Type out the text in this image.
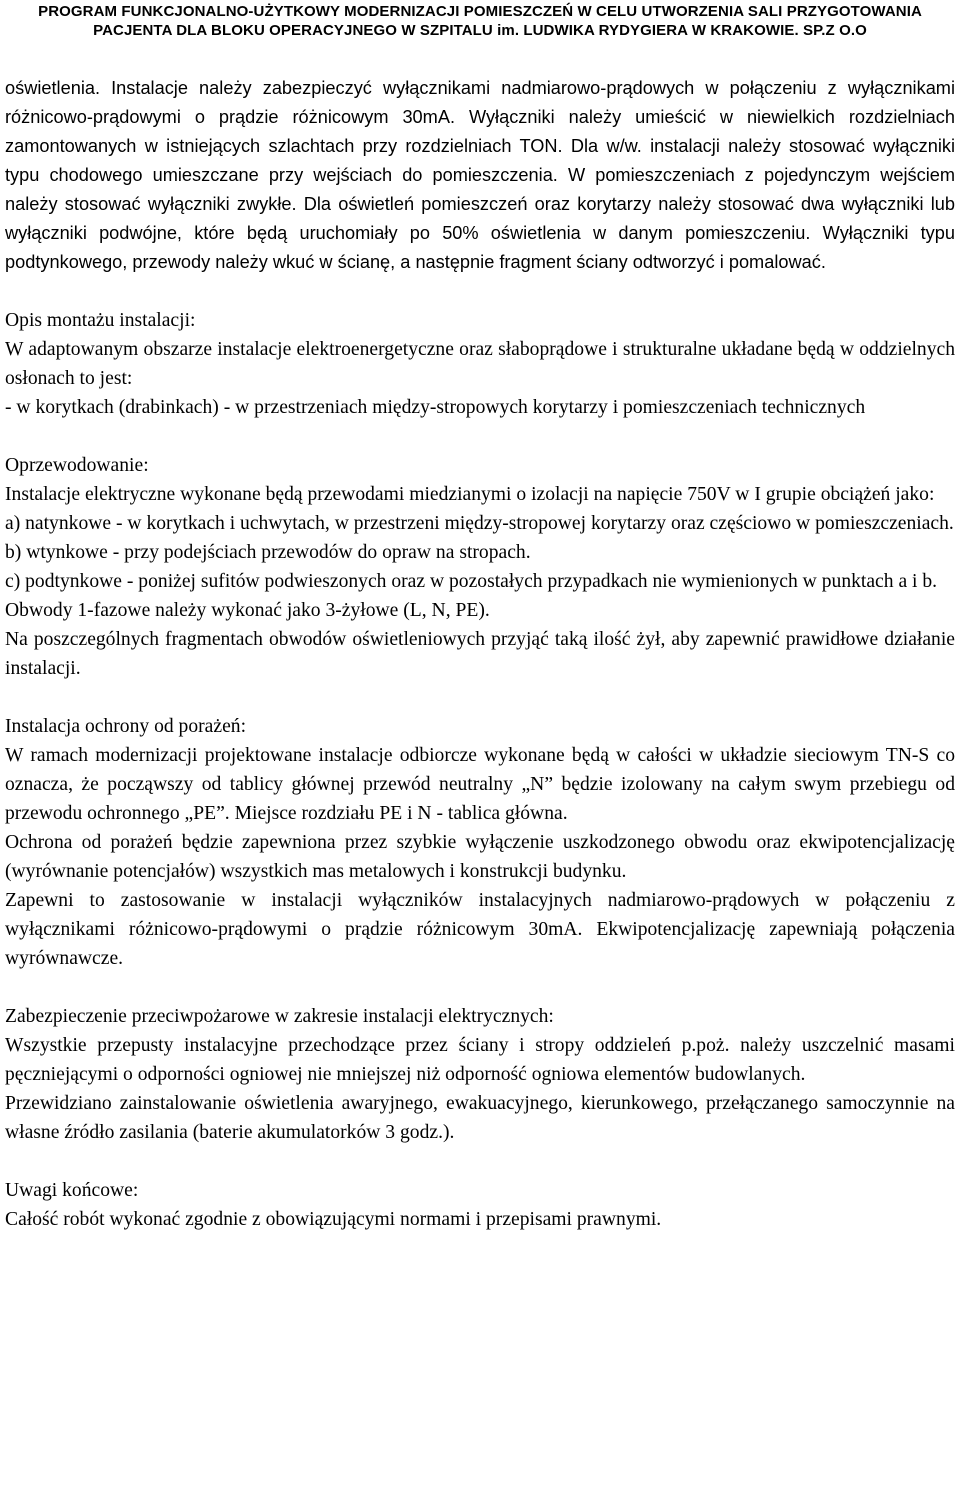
PROGRAM FUNKCJONALNO-UŻYTKOWY MODERNIZACJI POMIESZCZEŃ W CELU UTWORZENIA SALI PRZYGOTOWANIA
PACJENTA DLA BLOKU OPERACYJNEGO W SZPITALU im. LUDWIKA RYDYGIERA W KRAKOWIE. SP.Z O.O

oświetlenia. Instalacje należy zabezpieczyć wyłącznikami nadmiarowo-prądowych w połączeniu z wyłącznikami różnicowo-prądowymi o prądzie różnicowym 30mA. Wyłączniki należy umieścić w niewielkich rozdzielniach zamontowanych w istniejących szlachtach przy rozdzielniach TON. Dla w/w. instalacji należy stosować wyłączniki typu chodowego umieszczane przy wejściach do pomieszczenia. W pomieszczeniach z pojedynczym wejściem należy stosować wyłączniki zwykłe. Dla oświetleń pomieszczeń oraz korytarzy należy stosować dwa wyłączniki lub wyłączniki podwójne, które będą uruchomiały po 50% oświetlenia w danym pomieszczeniu. Wyłączniki typu podtynkowego, przewody należy wkuć w ścianę, a następnie fragment ściany odtworzyć i pomalować.

Opis montażu instalacji:

W adaptowanym obszarze instalacje elektroenergetyczne oraz słaboprądowe i strukturalne układane będą w oddzielnych osłonach to jest:

- w korytkach (drabinkach) - w przestrzeniach między-stropowych korytarzy i pomieszczeniach technicznych

Oprzewodowanie:

Instalacje elektryczne wykonane będą przewodami miedzianymi o izolacji na napięcie 750V w I grupie obciążeń jako:

a) natynkowe - w korytkach i uchwytach, w przestrzeni między-stropowej korytarzy oraz częściowo w pomieszczeniach.

b) wtynkowe - przy podejściach przewodów do opraw na stropach.

c) podtynkowe - poniżej sufitów podwieszonych oraz w pozostałych przypadkach nie wymienionych w punktach a i b.

Obwody 1-fazowe należy wykonać jako 3-żyłowe (L, N, PE).

Na poszczególnych fragmentach obwodów oświetleniowych przyjąć taką ilość żył, aby zapewnić prawidłowe działanie instalacji.

Instalacja ochrony od porażeń:

W ramach modernizacji projektowane instalacje odbiorcze wykonane będą w całości w układzie sieciowym TN-S co oznacza, że począwszy od tablicy głównej przewód neutralny „N” będzie izolowany na całym swym przebiegu od przewodu ochronnego „PE”. Miejsce rozdziału PE i N - tablica główna.

Ochrona od porażeń będzie zapewniona przez szybkie wyłączenie uszkodzonego obwodu oraz ekwipotencjalizację (wyrównanie potencjałów) wszystkich mas metalowych i konstrukcji budynku.

Zapewni to zastosowanie w instalacji wyłączników instalacyjnych nadmiarowo-prądowych w połączeniu z wyłącznikami różnicowo-prądowymi o prądzie różnicowym 30mA. Ekwipotencjalizację zapewniają połączenia wyrównawcze.

Zabezpieczenie przeciwpożarowe w zakresie instalacji elektrycznych:

Wszystkie przepusty instalacyjne przechodzące przez ściany i stropy oddzieleń p.poż. należy uszczelnić masami pęczniejącymi o odporności ogniowej nie mniejszej niż odporność ogniowa elementów budowlanych.

Przewidziano zainstalowanie oświetlenia awaryjnego, ewakuacyjnego, kierunkowego, przełączanego samoczynnie na własne źródło zasilania (baterie akumulatorków 3 godz.).

Uwagi końcowe:

Całość robót wykonać zgodnie z obowiązującymi normami i przepisami prawnymi.
